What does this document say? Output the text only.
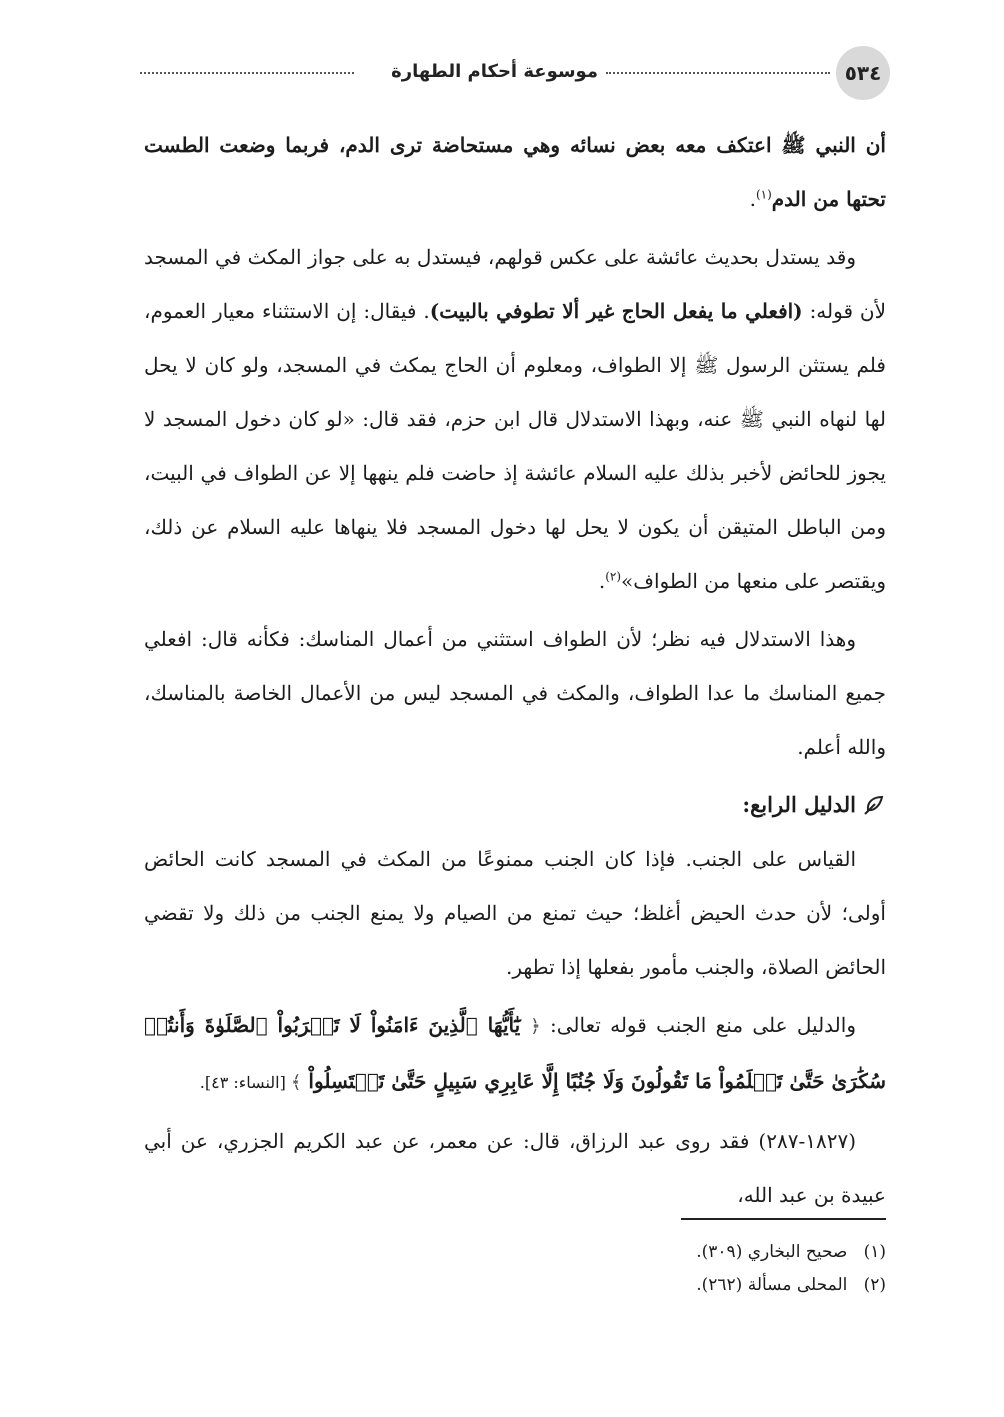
٥٣٤
موسوعة أحكام الطهارة

أن النبي ﷺ اعتكف معه بعض نسائه وهي مستحاضة ترى الدم، فربما وضعت الطست تحتها من الدم$^{(١)}$.

وقد يستدل بحديث عائشة على عكس قولهم، فيستدل به على جواز المكث في المسجد لأن قوله: (افعلي ما يفعل الحاج غير ألا تطوفي بالبيت). فيقال: إن الاستثناء معيار العموم، فلم يستثن الرسول ﷺ إلا الطواف، ومعلوم أن الحاج يمكث في المسجد، ولو كان لا يحل لها لنهاه النبي ﷺ عنه، وبهذا الاستدلال قال ابن حزم، فقد قال: «لو كان دخول المسجد لا يجوز للحائض لأخبر بذلك عليه السلام عائشة إذ حاضت فلم ينهها إلا عن الطواف في البيت، ومن الباطل المتيقن أن يكون لا يحل لها دخول المسجد فلا ينهاها عليه السلام عن ذلك، ويقتصر على منعها من الطواف»$^{(٢)}$.

وهذا الاستدلال فيه نظر؛ لأن الطواف استثني من أعمال المناسك: فكأنه قال: افعلي جميع المناسك ما عدا الطواف، والمكث في المسجد ليس من الأعمال الخاصة بالمناسك، والله أعلم.

الدليل الرابع:

القياس على الجنب. فإذا كان الجنب ممنوعًا من المكث في المسجد كانت الحائض أولى؛ لأن حدث الحيض أغلظ؛ حيث تمنع من الصيام ولا يمنع الجنب من ذلك ولا تقضي الحائض الصلاة، والجنب مأمور بفعلها إذا تطهر.

والدليل على منع الجنب قوله تعالى: ﴿ يَٰٓأَيُّهَا ٱلَّذِينَ ءَامَنُواْ لَا تَقۡرَبُواْ ٱلصَّلَوٰةَ وَأَنتُمۡ سُكَٰرَىٰ حَتَّىٰ تَعۡلَمُواْ مَا تَقُولُونَ وَلَا جُنُبًا إِلَّا عَابِرِي سَبِيلٍ حَتَّىٰ تَغۡتَسِلُواْ ﴾ [النساء: ٤٣].

(١٨٢٧-٢٨٧) فقد روى عبد الرزاق، قال: عن معمر، عن عبد الكريم الجزري، عن أبي عبيدة بن عبد الله،

(١)   صحيح البخاري (٣٠٩).
(٢)   المحلى مسألة (٢٦٢).
